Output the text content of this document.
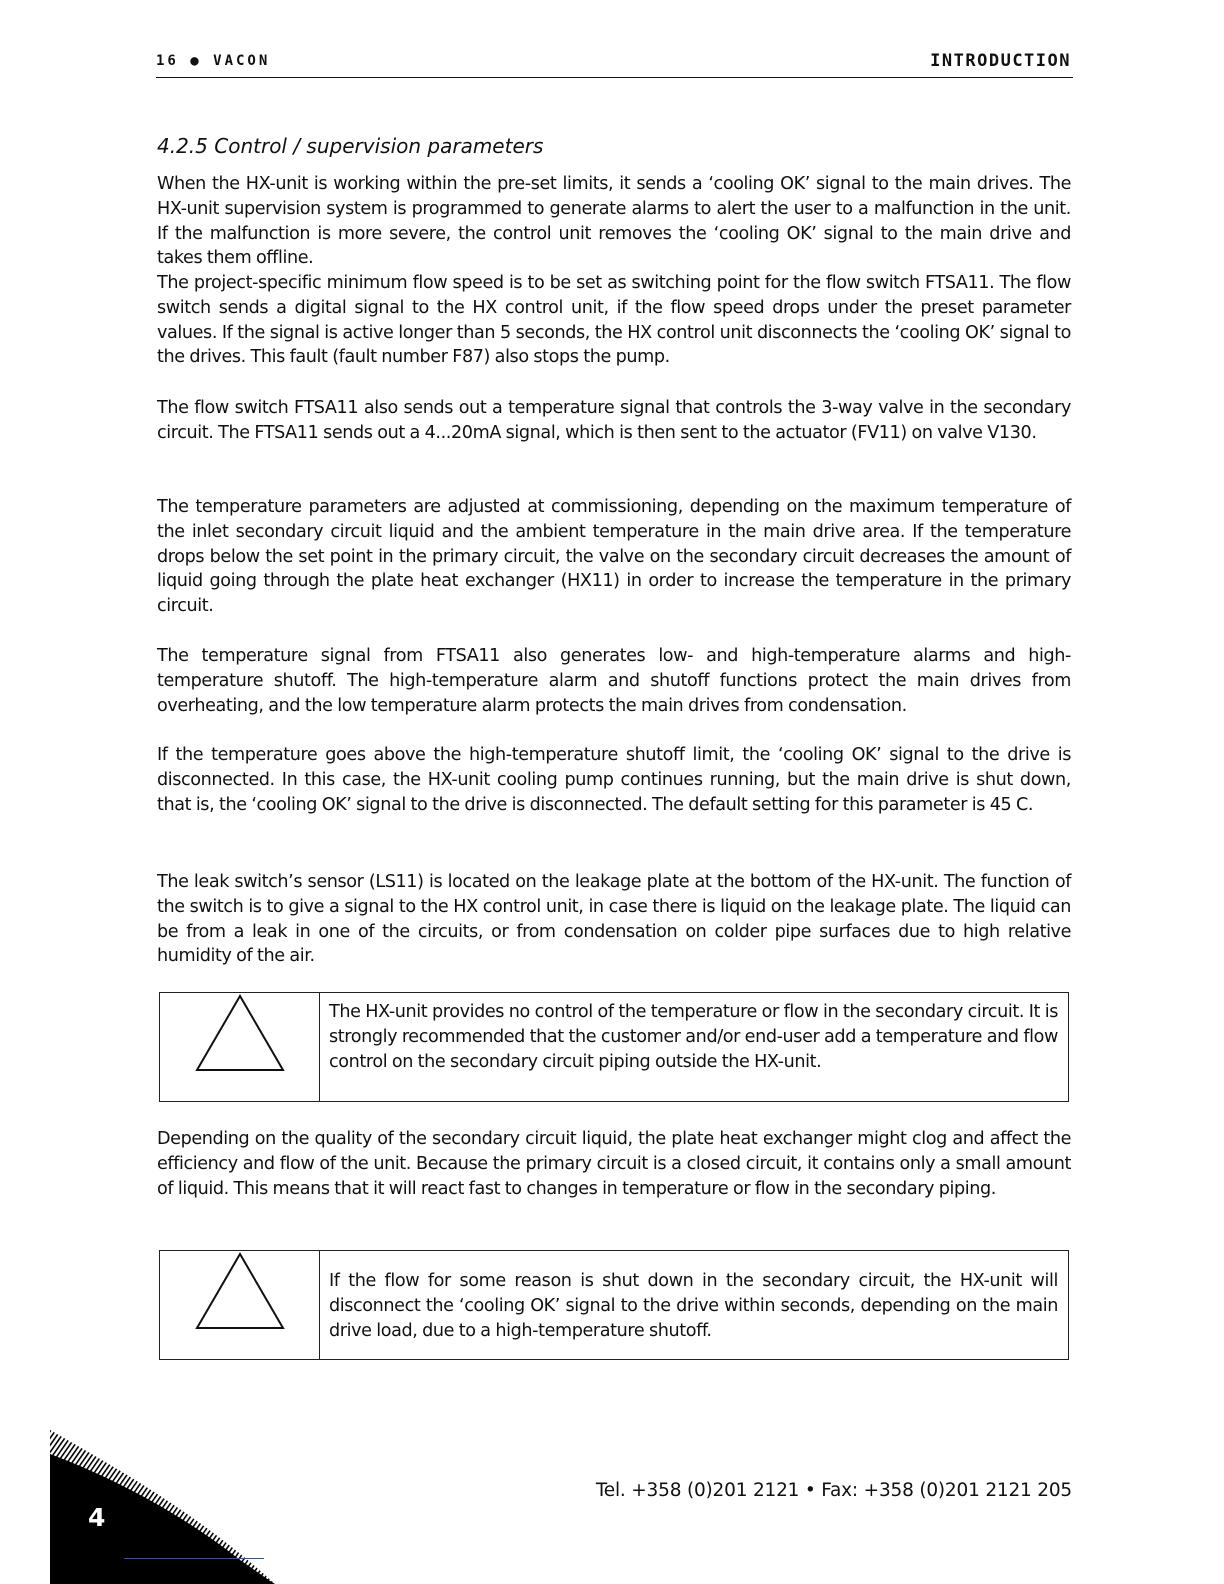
16 ● VACON	INTRODUCTION
4.2.5 Control / supervision parameters

When the HX-unit is working within the pre-set limits, it sends a ‘cooling OK’ signal to the main drives. The HX-unit supervision system is programmed to generate alarms to alert the user to a malfunction in the unit. If the malfunction is more severe, the control unit removes the ‘cooling OK’ signal to the main drive and takes them offline.

The project-specific minimum flow speed is to be set as switching point for the flow switch FTSA11. The flow switch sends a digital signal to the HX control unit, if the flow speed drops under the preset parameter values. If the signal is active longer than 5 seconds, the HX control unit disconnects the ‘cooling OK’ signal to the drives. This fault (fault number F87) also stops the pump.

The flow switch FTSA11 also sends out a temperature signal that controls the 3-way valve in the secondary circuit. The FTSA11 sends out a 4...20mA signal, which is then sent to the actuator (FV11) on valve V130.

The temperature parameters are adjusted at commissioning, depending on the maximum temperature of the inlet secondary circuit liquid and the ambient temperature in the main drive area. If the temperature drops below the set point in the primary circuit, the valve on the secondary circuit decreases the amount of liquid going through the plate heat exchanger (HX11) in order to increase the temperature in the primary circuit.

The temperature signal from FTSA11 also generates low- and high-temperature alarms and high-temperature shutoff. The high-temperature alarm and shutoff functions protect the main drives from overheating, and the low temperature alarm protects the main drives from condensation.

If the temperature goes above the high-temperature shutoff limit, the ‘cooling OK’ signal to the drive is disconnected. In this case, the HX-unit cooling pump continues running, but the main drive is shut down, that is, the ‘cooling OK’ signal to the drive is disconnected. The default setting for this parameter is 45 C.

The leak switch’s sensor (LS11) is located on the leakage plate at the bottom of the HX-unit. The function of the switch is to give a signal to the HX control unit, in case there is liquid on the leakage plate. The liquid can be from a leak in one of the circuits, or from condensation on colder pipe surfaces due to high relative humidity of the air.

The HX-unit provides no control of the temperature or flow in the secondary circuit. It is strongly recommended that the customer and/or end-user add a temperature and flow control on the secondary circuit piping outside the HX-unit.

Depending on the quality of the secondary circuit liquid, the plate heat exchanger might clog and affect the efficiency and flow of the unit. Because the primary circuit is a closed circuit, it contains only a small amount of liquid. This means that it will react fast to changes in temperature or flow in the secondary piping.

If the flow for some reason is shut down in the secondary circuit, the HX-unit will disconnect the ‘cooling OK’ signal to the drive within seconds, depending on the main drive load, due to a high-temperature shutoff.
Tel. +358 (0)201 2121 • Fax: +358 (0)201 2121 205
4
